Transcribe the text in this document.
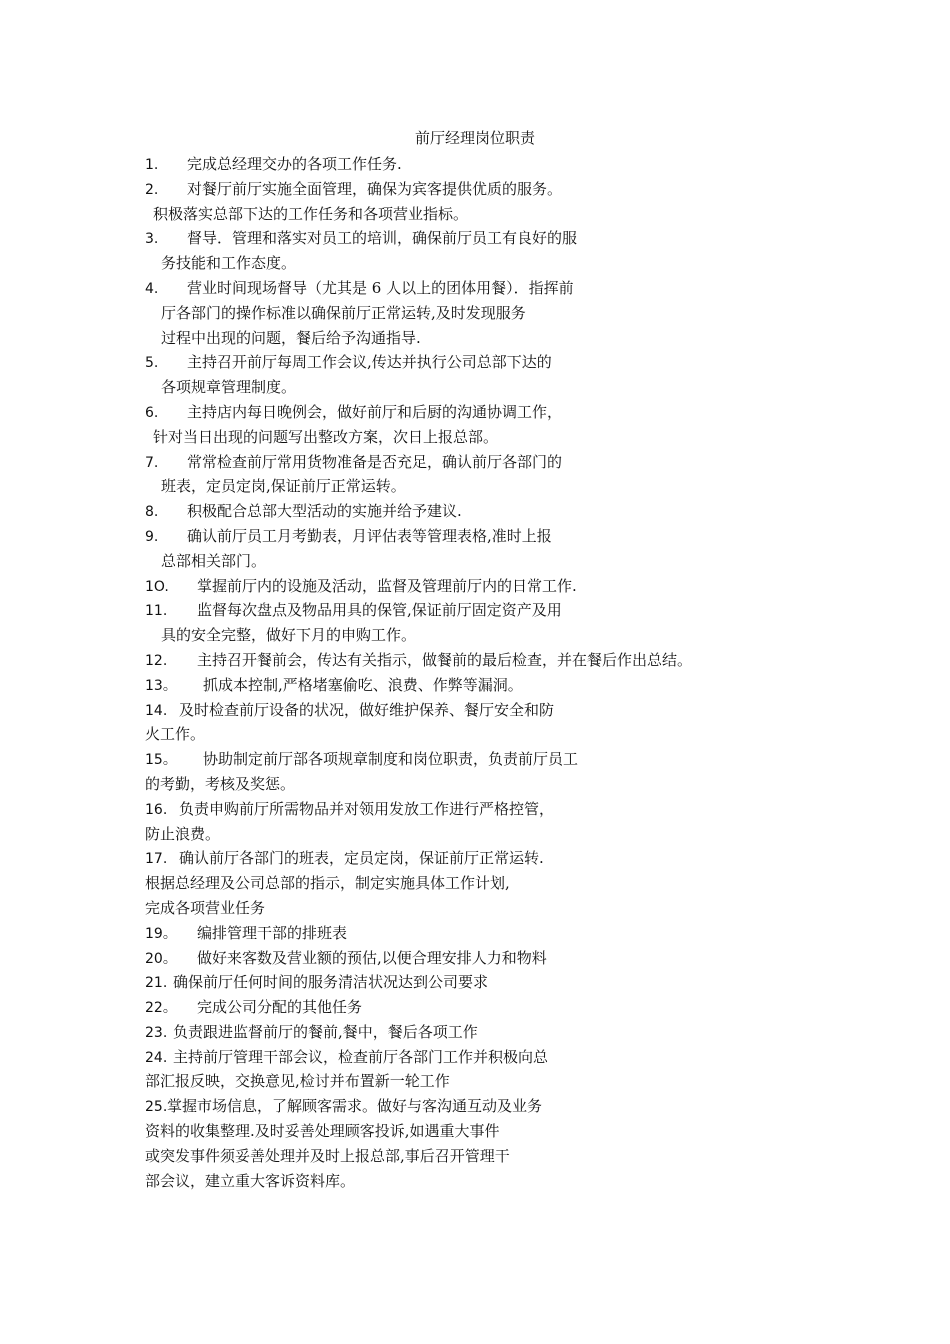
前厅经理岗位职责
1. 完成总经理交办的各项工作任务.
2. 对餐厅前厅实施全面管理，确保为宾客提供优质的服务。
积极落实总部下达的工作任务和各项营业指标。
3. 督导．管理和落实对员工的培训，确保前厅员工有良好的服
务技能和工作态度。
4. 营业时间现场督导（尤其是 6 人以上的团体用餐）．指挥前
厅各部门的操作标准以确保前厅正常运转,及时发现服务
过程中出现的问题，餐后给予沟通指导.
5. 主持召开前厅每周工作会议,传达并执行公司总部下达的
各项规章管理制度。
6. 主持店内每日晚例会，做好前厅和后厨的沟通协调工作，
针对当日出现的问题写出整改方案，次日上报总部。
7. 常常检查前厅常用货物准备是否充足，确认前厅各部门的
班表，定员定岗,保证前厅正常运转。
8. 积极配合总部大型活动的实施并给予建议.
9. 确认前厅员工月考勤表，月评估表等管理表格,准时上报
总部相关部门。
1O. 掌握前厅内的设施及活动，监督及管理前厅内的日常工作.
11. 监督每次盘点及物品用具的保管,保证前厅固定资产及用
具的安全完整，做好下月的申购工作。
12. 主持召开餐前会，传达有关指示，做餐前的最后检查，并在餐后作出总结。
13。 抓成本控制,严格堵塞偷吃、浪费、作弊等漏洞。
14. 及时检查前厅设备的状况，做好维护保养、餐厅安全和防
火工作。
15。 协助制定前厅部各项规章制度和岗位职责，负责前厅员工
的考勤，考核及奖惩。
16. 负责申购前厅所需物品并对领用发放工作进行严格控管，
防止浪费。
17. 确认前厅各部门的班表，定员定岗，保证前厅正常运转.
根据总经理及公司总部的指示，制定实施具体工作计划,
完成各项营业任务
19。 编排管理干部的排班表
20。 做好来客数及营业额的预估,以便合理安排人力和物料
21. 确保前厅任何时间的服务清洁状况达到公司要求
22。 完成公司分配的其他任务
23. 负责跟进监督前厅的餐前,餐中，餐后各项工作
24. 主持前厅管理干部会议，检查前厅各部门工作并积极向总
部汇报反映，交换意见,检讨并布置新一轮工作
25.掌握市场信息，了解顾客需求。做好与客沟通互动及业务
资料的收集整理.及时妥善处理顾客投诉,如遇重大事件
或突发事件须妥善处理并及时上报总部,事后召开管理干
部会议，建立重大客诉资料库。
